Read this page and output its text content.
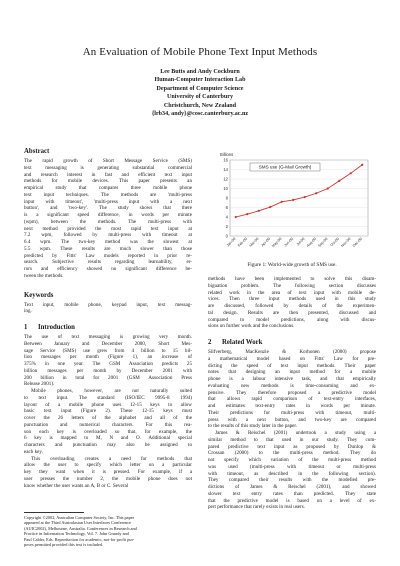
An Evaluation of Mobile Phone Text Input Methods
Lee Butts and Andy Cockburn
Human-Computer Interaction Lab
Department of Computer Science
University of Canterbury
Christchurch, New Zealand
{lrb34, andy}@cosc.canterbury.ac.nz
Abstract
The rapid growth of Short Message Service (SMS)
text messaging is generating substantial commercial
and research interest in fast and efficient text input
methods for mobile devices. This paper presents an
empirical study that compares three mobile phone
text input techniques. The methods are 'multi-press
input with timeout', 'multi-press input with a next
button', and 'two-key'. The study shows that there
is a significant speed difference, in words per minute
(wpm), between the methods. The multi-press with
next method provided the most rapid text input at
7.2 wpm, followed by multi-press with timeout at
6.4 wpm. The two-key method was the slowest at
5.5 wpm. These results are much slower than those
predicted by Fitts' Law models reported in prior re-
search. Subjective results regarding learnability, er-
rors and efficiency showed no significant difference be-
tween the methods.
Keywords
Text input, mobile phone, keypad input, text messag-
ing.
1 Introduction
The use of text messaging is growing very month.
Between January and December 2000, Short Mes-
sage Service (SMS) use grew from 4 billion to 15 bil-
lion messages per month (Figure 1), an increase of
375% in one year. The GSM Association predicts 25
billion messages per month by December 2001 with
200 billion in total for 2001 (GSM Association Press
Release 2001).
Mobile phones, however, are not naturally suited
to text input. The standard (ISO/IEC 9995-8 1994)
layout of a mobile phone uses 12-15 keys to allow
basic text input (Figure 2). These 12-15 keys must
cover the 26 letters of the alphabet and all of the
punctuation and numerical characters. For this rea-
son each key is overloaded so that, for example, the
6 key is mapped to M, N and O. Additional special
characters and punctuation may also be assigned to
each key.
This overloading creates a need for methods that
allow the user to specify which letter on a particular
key they want when it is pressed. For example, if a
user presses the number 2, the mobile phone does not
know whether the user wants an A, B or C. Several
Copyright ©2002, Australian Computer Society, Inc. This paper
appeared at the Third Australasian User Interfaces Conference
(AUIC2002), Melbourne, Australia. Conferences in Research and
Practice in Information Technology, Vol. 7. John Grundy and
Paul Calder, Eds. Reproduction for academic, not-for profit pur-
poses permitted provided this text is included.
0
2
4
6
8
10
12
14
16
Billions
SMS use (G-Mail Growth)
Jan-00 Feb-00 Mar-00 Apr-00 May-00 Jun-00 Jul-00 Aug-00 Sep-00 Oct-00 Nov-00 Dec-00
Figure 1: World-wide growth of SMS use.
methods have been implemented to solve this disam-
biguation problem. The following section discusses
related work in the area of text input with mobile de-
vices. Then three input methods used in this study
are discussed, followed by details of the experimen-
tal design. Results are then presented, discussed and
compared to model predictions, along with discus-
sions on further work and the conclusions.
2 Related Work
Silfverberg, MacKenzie & Korhonen (2000) propose
a mathematical model based on Fitts' Law for pre-
dicting the speed of text input methods. Their paper
notes that designing an input method for a mobile
phone is a labour intensive task, and that empirically
evaluating new methods is time-consuming and ex-
pensive. They therefore proposed a predictive model
that allows rapid comparison of text-entry interfaces,
and estimates text-entry rates in words per minute.
Their predictions for multi-press with timeout, multi-
press with a next button, and two-key are compared
to the results of this study later in the paper.
James & Reischel (2001) undertook a study using a
similar method to that used in our study. They com-
pared predictive text input as proposed by Dunlop &
Crossan (2000) to the multi-press method. They do
not specify which variation of the multi-press method
was used (multi-press with timeout or multi-press
with timeout, as described in the following section).
They compared their results with the modelled pre-
dictions of James & Reischel (2001), and showed
slower text entry rates than predicted. They state
that the predictive model is based on a level of ex-
pert performance that rarely exists in real users.
